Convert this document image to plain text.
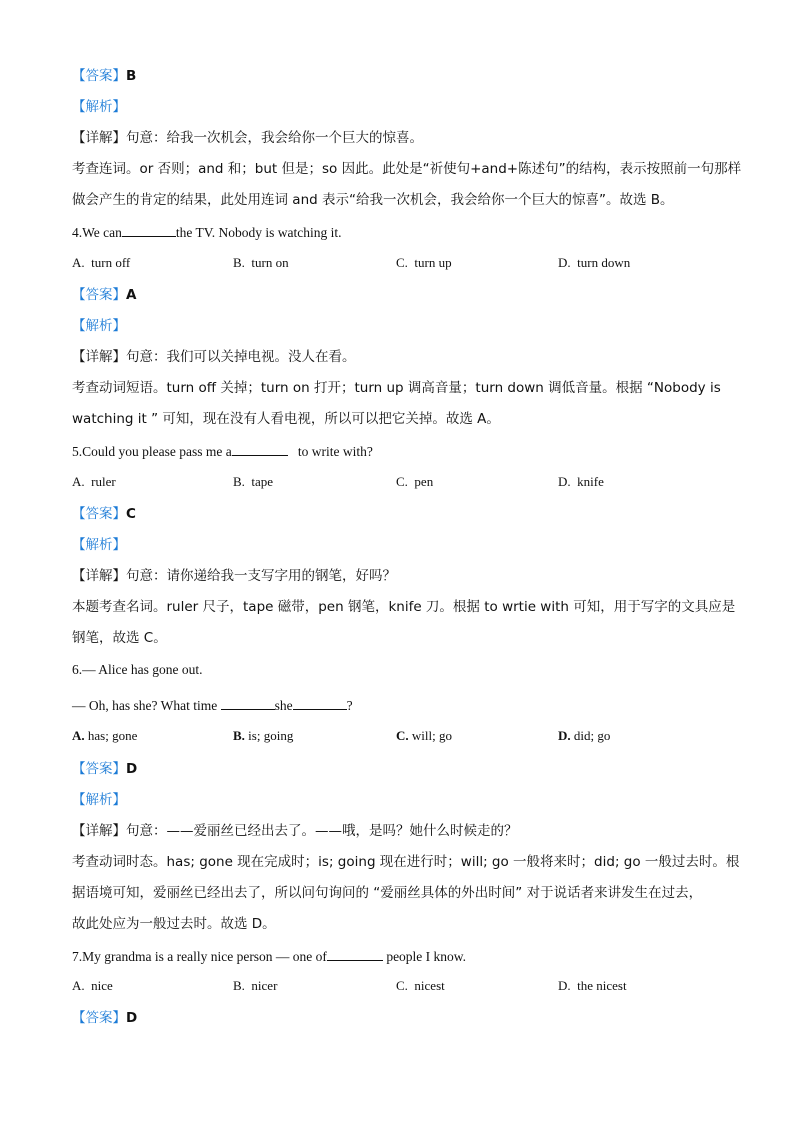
【答案】B
【解析】
【详解】句意：给我一次机会，我会给你一个巨大的惊喜。
考查连词。or 否则；and 和；but 但是；so 因此。此处是“祈使句+and+陈述句”的结构，表示按照前一句那样
做会产生的肯定的结果，此处用连词 and 表示“给我一次机会，我会给你一个巨大的惊喜”。故选 B。
4.We can	the TV. Nobody is watching it.
A. turn off	B. turn on	C. turn up	D. turn down
【答案】A
【解析】
【详解】句意：我们可以关掉电视。没人在看。
考查动词短语。turn off 关掉；turn on 打开；turn up 调高音量；turn down 调低音量。根据 “Nobody is
watching it ” 可知，现在没有人看电视，所以可以把它关掉。故选 A。
5.Could you please pass me a	to write with?
A. ruler	B. tape	C. pen	D. knife
【答案】C
【解析】
【详解】句意：请你递给我一支写字用的钢笔，好吗？
本题考查名词。ruler 尺子，tape 磁带，pen 钢笔，knife 刀。根据 to wrtie with 可知，用于写字的文具应是
钢笔，故选 C。
6.— Alice has gone out.
— Oh, has she? What time	she	?
A. has; gone	B. is; going	C. will; go	D. did; go
【答案】D
【解析】
【详解】句意：——爱丽丝已经出去了。——哦，是吗？她什么时候走的？
考查动词时态。has; gone 现在完成时；is; going 现在进行时；will; go 一般将来时；did; go 一般过去时。根
据语境可知，爱丽丝已经出去了，所以问句询问的 “爱丽丝具体的外出时间” 对于说话者来讲发生在过去，
故此处应为一般过去时。故选 D。
7.My grandma is a really nice person — one of	people I know.
A. nice	B. nicer	C. nicest	D. the nicest
【答案】D
